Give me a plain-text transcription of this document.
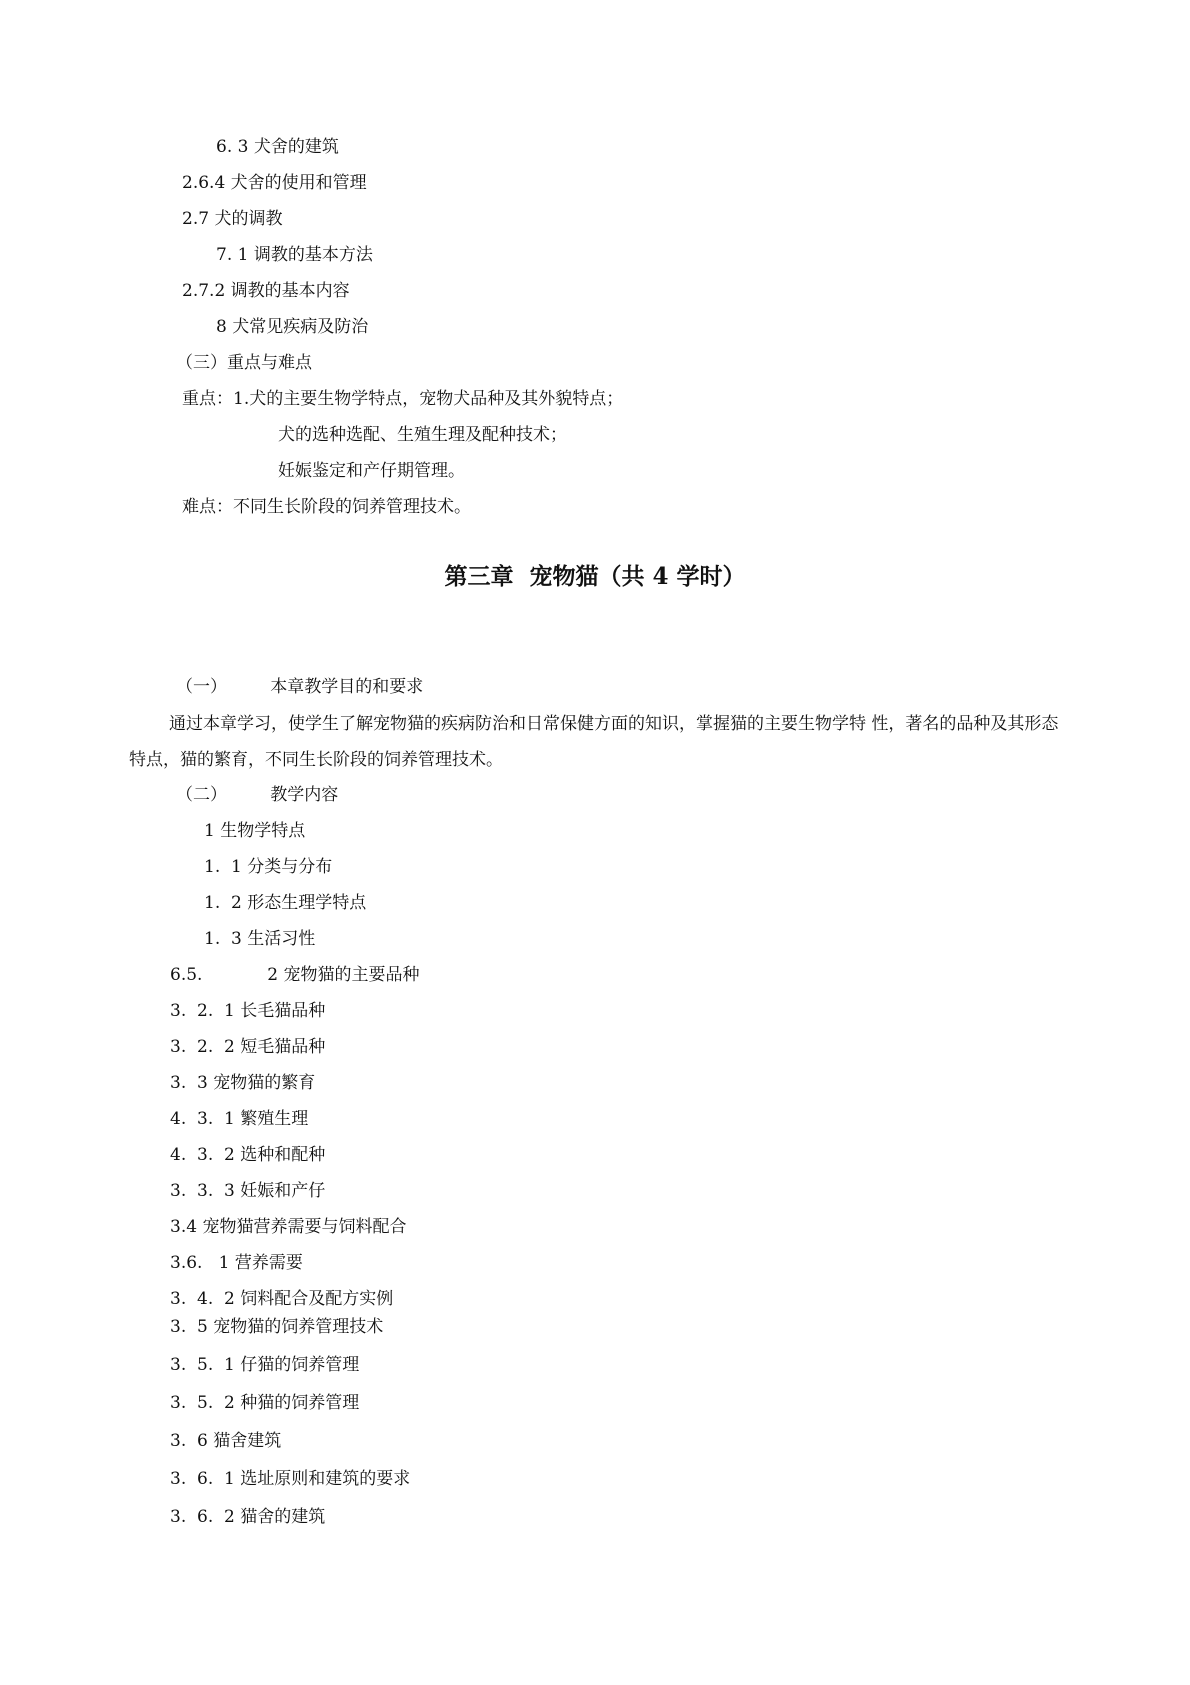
6. 3 犬舍的建筑

2.6.4 犬舍的使用和管理

2.7 犬的调教

7. 1 调教的基本方法

2.7.2 调教的基本内容

8 犬常见疾病及防治

（三）重点与难点

重点：1.犬的主要生物学特点，宠物犬品种及其外貌特点；

犬的选种选配、生殖生理及配种技术；

妊娠鉴定和产仔期管理。

难点：不同生长阶段的饲养管理技术。

第三章  宠物猫（共 4 学时）

（一）        本章教学目的和要求

通过本章学习，使学生了解宠物猫的疾病防治和日常保健方面的知识，掌握猫的主要生物学特 性，著名的品种及其形态特点，猫的繁育，不同生长阶段的饲养管理技术。

（二）        教学内容

1 生物学特点

1.  1 分类与分布

1.  2 形态生理学特点

1.  3 生活习性

6.5.            2 宠物猫的主要品种

3.  2.  1 长毛猫品种

3.  2.  2 短毛猫品种

3.  3 宠物猫的繁育

4.  3.  1 繁殖生理

4.  3.  2 选种和配种

3.  3.  3 妊娠和产仔

3.4 宠物猫营养需要与饲料配合

3.6.   1 营养需要

3.  4.  2 饲料配合及配方实例

3.  5 宠物猫的饲养管理技术

3.  5.  1 仔猫的饲养管理

3.  5.  2 种猫的饲养管理

3.  6 猫舍建筑

3.  6.  1 选址原则和建筑的要求

3.  6.  2 猫舍的建筑
